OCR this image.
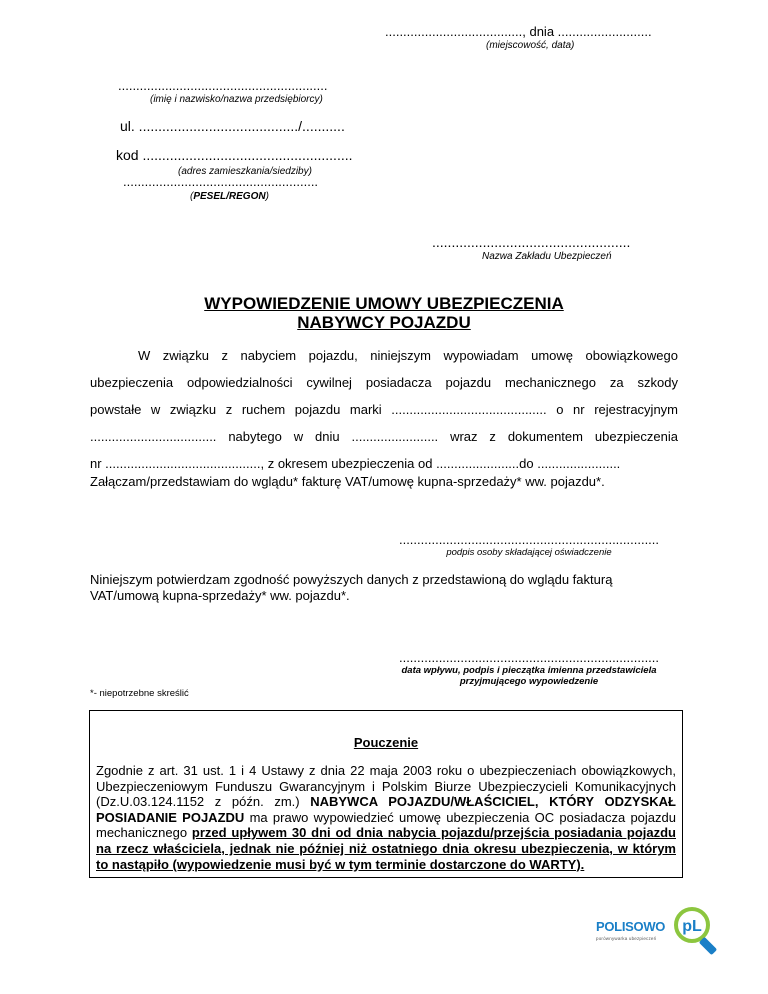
......................................, dnia ..........................
(miejscowość, data)
..........................................................
(imię i nazwisko/nazwa przedsiębiorcy)
ul. ........................................./...........
kod ......................................................
(adres zamieszkania/siedziby)
......................................................
(PESEL/REGON)
...................................................
Nazwa Zakładu Ubezpieczeń
WYPOWIEDZENIE UMOWY UBEZPIECZENIA
NABYWCY POJAZDU

W związku z nabyciem pojazdu, niniejszym wypowiadam umowę obowiązkowego

ubezpieczenia odpowiedzialności cywilnej posiadacza pojazdu mechanicznego za szkody

powstałe w związku z ruchem pojazdu marki ........................................... o nr rejestracyjnym

................................... nabytego w dniu ........................ wraz z dokumentem ubezpieczenia

nr ..........................................., z okresem ubezpieczenia od .......................do .......................

Załączam/przedstawiam do wglądu* fakturę VAT/umowę kupna-sprzedaży* ww. pojazdu*.
........................................................................
podpis osoby składającej oświadczenie
Niniejszym potwierdzam zgodność powyższych danych z przedstawioną do wglądu fakturą VAT/umową kupna-sprzedaży* ww. pojazdu*.
........................................................................
data wpływu, podpis i pieczątka imienna przedstawiciela
przyjmującego wypowiedzenie
*- niepotrzebne skreślić
Pouczenie

Zgodnie z art. 31 ust. 1 i 4 Ustawy z dnia 22 maja 2003 roku o ubezpieczeniach obowiązkowych, Ubezpieczeniowym Funduszu Gwarancyjnym i Polskim Biurze Ubezpieczycieli Komunikacyjnych (Dz.U.03.124.1152 z późn. zm.) NABYWCA POJAZDU/WŁAŚCICIEL, KTÓRY ODZYSKAŁ POSIADANIE POJAZDU ma prawo wypowiedzieć umowę ubezpieczenia OC posiadacza pojazdu mechanicznego przed upływem 30 dni od dnia nabycia pojazdu/przejścia posiadania pojazdu na rzecz właściciela, jednak nie później niż ostatniego dnia okresu ubezpieczenia, w którym to nastąpiło (wypowiedzenie musi być w tym terminie dostarczone do WARTY).

POLISOWO
porównywarka ubezpieczeń
pL
